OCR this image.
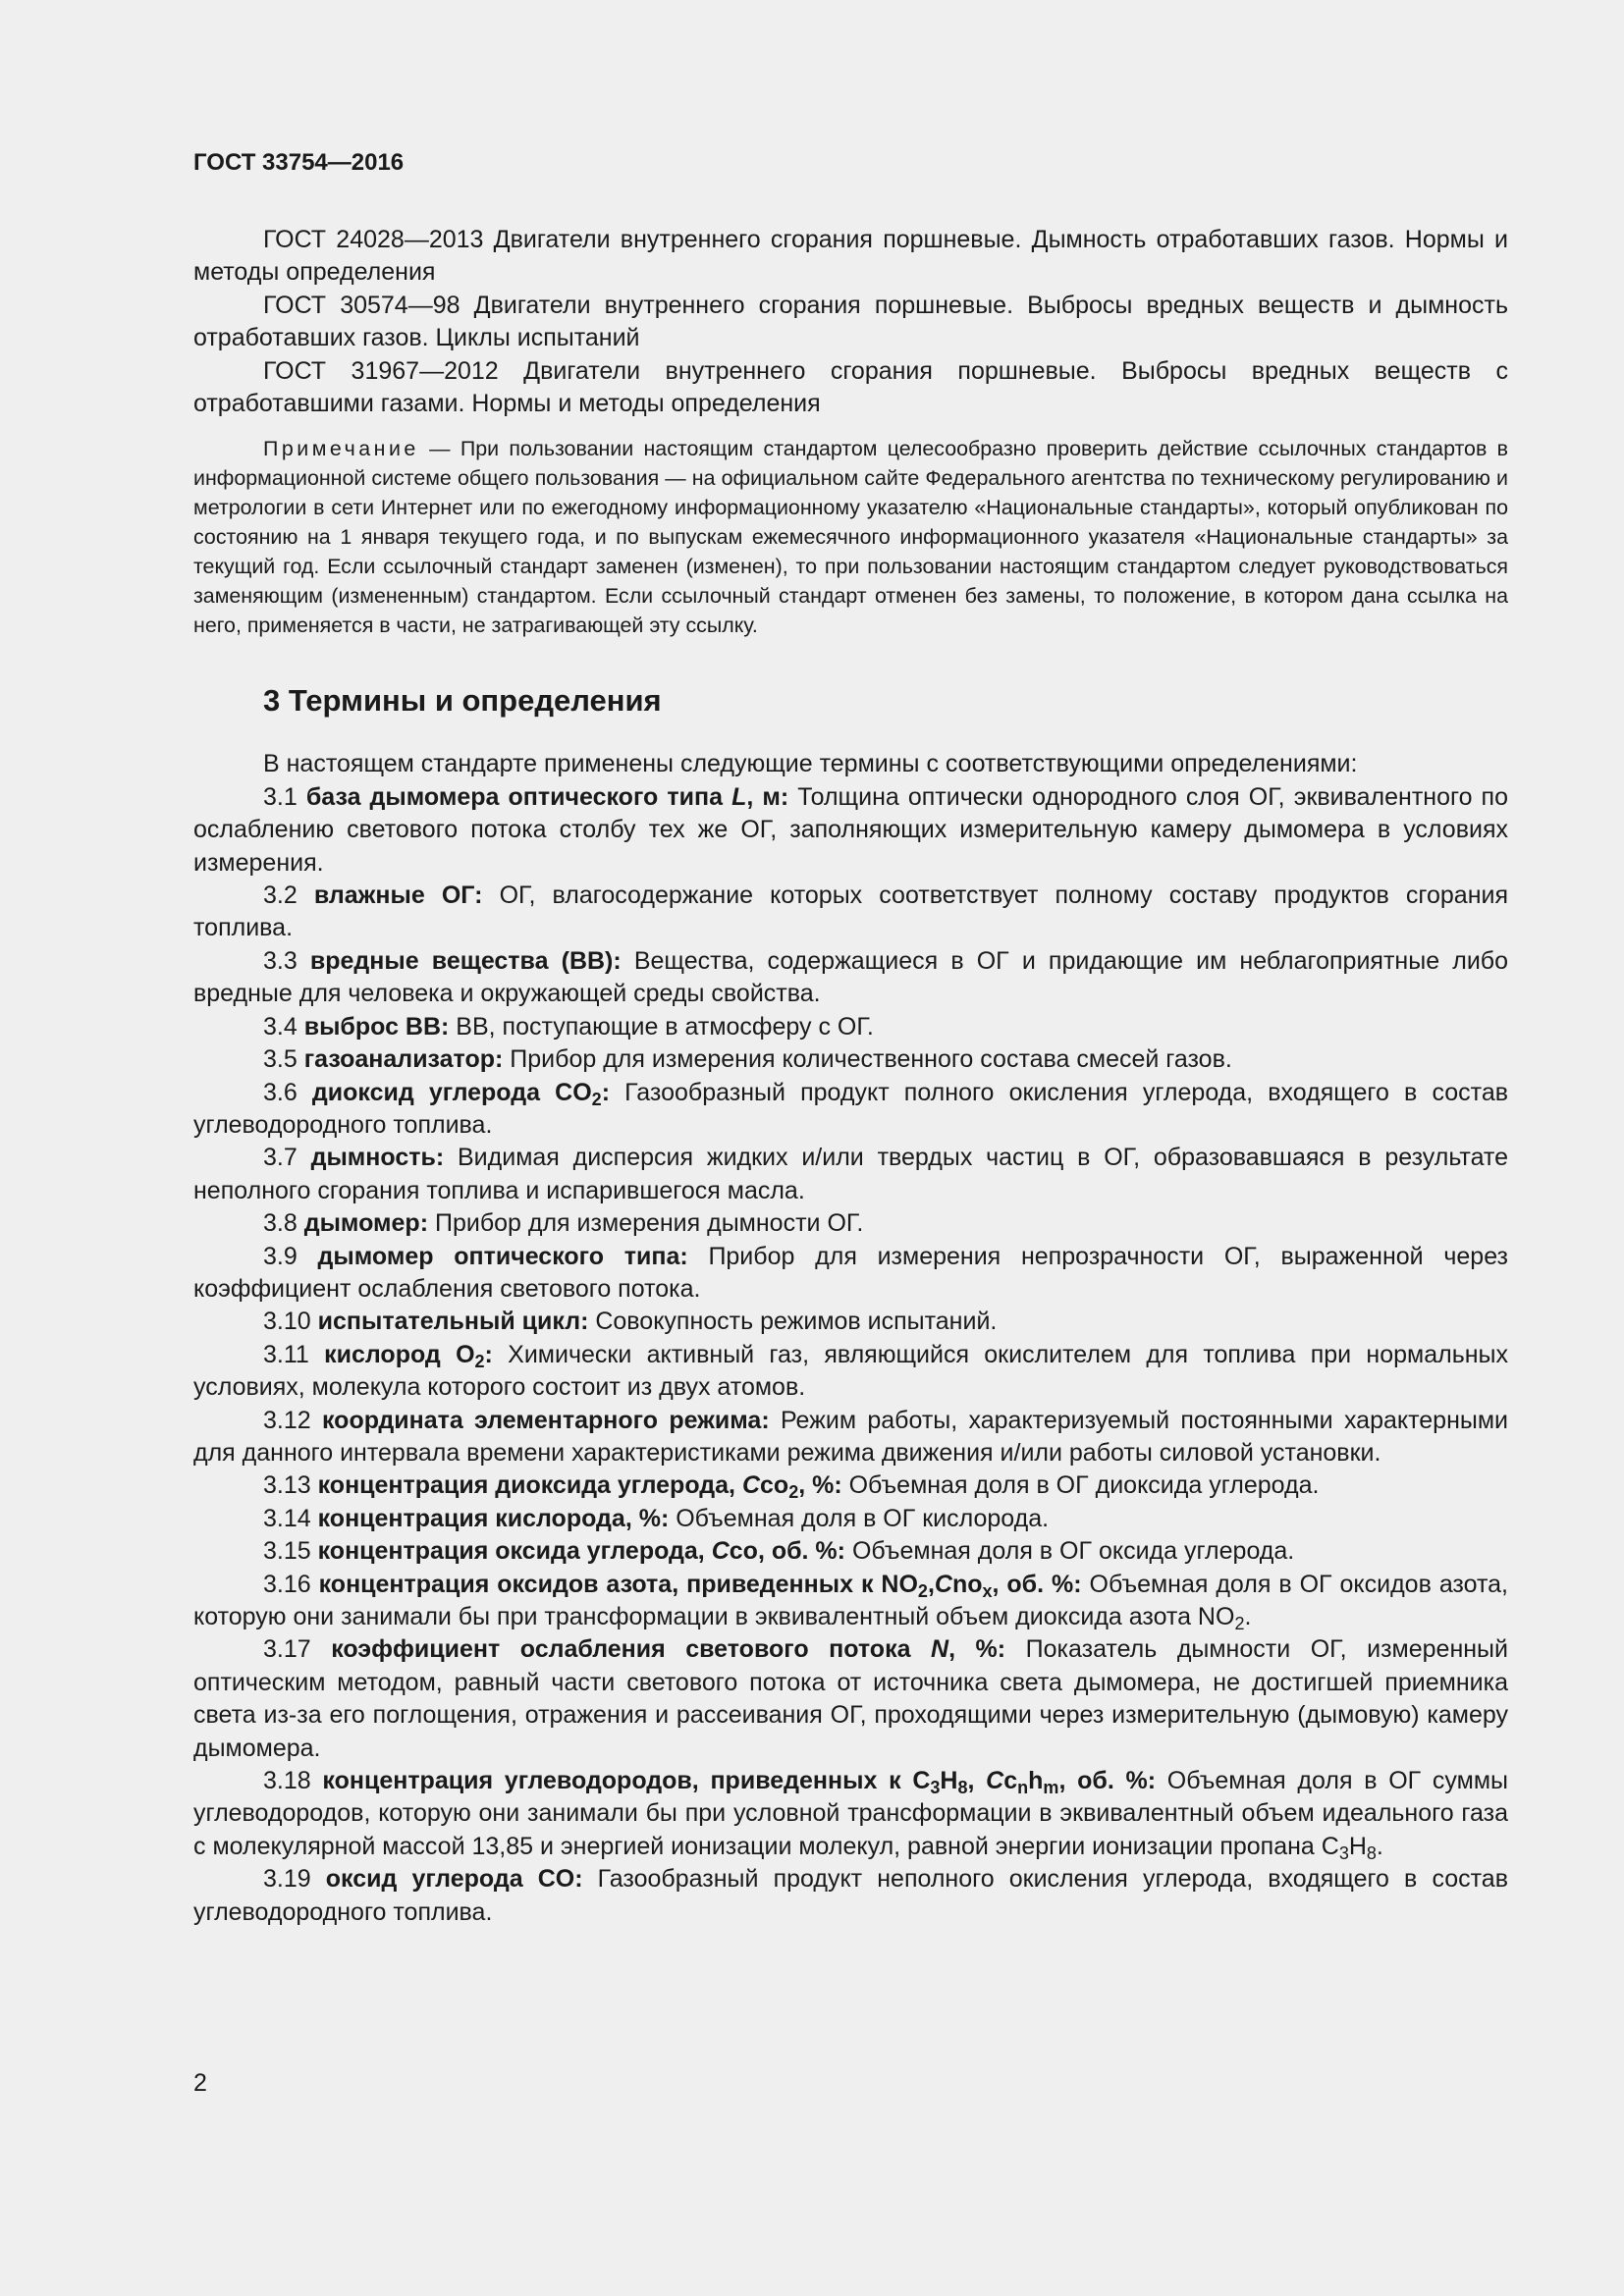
ГОСТ 33754—2016

ГОСТ 24028—2013 Двигатели внутреннего сгорания поршневые. Дымность отработавших газов. Нормы и методы определения

ГОСТ 30574—98 Двигатели внутреннего сгорания поршневые. Выбросы вредных веществ и дымность отработавших газов. Циклы испытаний

ГОСТ 31967—2012 Двигатели внутреннего сгорания поршневые. Выбросы вредных веществ с отработавшими газами. Нормы и методы определения

Примечание — При пользовании настоящим стандартом целесообразно проверить действие ссылочных стандартов в информационной системе общего пользования — на официальном сайте Федерального агентства по техническому регулированию и метрологии в сети Интернет или по ежегодному информационному указателю «Национальные стандарты», который опубликован по состоянию на 1 января текущего года, и по выпускам ежемесячного информационного указателя «Национальные стандарты» за текущий год. Если ссылочный стандарт заменен (изменен), то при пользовании настоящим стандартом следует руководствоваться заменяющим (измененным) стандартом. Если ссылочный стандарт отменен без замены, то положение, в котором дана ссылка на него, применяется в части, не затрагивающей эту ссылку.

3 Термины и определения

В настоящем стандарте применены следующие термины с соответствующими определениями:

3.1 база дымомера оптического типа L, м: Толщина оптически однородного слоя ОГ, эквивалентного по ослаблению светового потока столбу тех же ОГ, заполняющих измерительную камеру дымомера в условиях измерения.

3.2 влажные ОГ: ОГ, влагосодержание которых соответствует полному составу продуктов сгорания топлива.

3.3 вредные вещества (ВВ): Вещества, содержащиеся в ОГ и придающие им неблагоприятные либо вредные для человека и окружающей среды свойства.

3.4 выброс ВВ: ВВ, поступающие в атмосферу с ОГ.

3.5 газоанализатор: Прибор для измерения количественного состава смесей газов.

3.6 диоксид углерода $CO_2$: Газообразный продукт полного окисления углерода, входящего в состав углеводородного топлива.

3.7 дымность: Видимая дисперсия жидких и/или твердых частиц в ОГ, образовавшаяся в результате неполного сгорания топлива и испарившегося масла.

3.8 дымомер: Прибор для измерения дымности ОГ.

3.9 дымомер оптического типа: Прибор для измерения непрозрачности ОГ, выраженной через коэффициент ослабления светового потока.

3.10 испытательный цикл: Совокупность режимов испытаний.

3.11 кислород $O_2$: Химически активный газ, являющийся окислителем для топлива при нормальных условиях, молекула которого состоит из двух атомов.

3.12 координата элементарного режима: Режим работы, характеризуемый постоянными характерными для данного интервала времени характеристиками режима движения и/или работы силовой установки.

3.13 концентрация диоксида углерода, Cco$_2$, %: Объемная доля в ОГ диоксида углерода.

3.14 концентрация кислорода, %: Объемная доля в ОГ кислорода.

3.15 концентрация оксида углерода, Cco, об. %: Объемная доля в ОГ оксида углерода.

3.16 концентрация оксидов азота, приведенных к $NO_2,Cno_x$, об. %: Объемная доля в ОГ оксидов азота, которую они занимали бы при трансформации в эквивалентный объем диоксида азота $NO_2$.

3.17 коэффициент ослабления светового потока N, %: Показатель дымности ОГ, измеренный оптическим методом, равный части светового потока от источника света дымомера, не достигшей приемника света из-за его поглощения, отражения и рассеивания ОГ, проходящими через измерительную (дымовую) камеру дымомера.

3.18 концентрация углеводородов, приведенных к $C_3H_8$, $Cc_nh_m$, об. %: Объемная доля в ОГ суммы углеводородов, которую они занимали бы при условной трансформации в эквивалентный объем идеального газа с молекулярной массой 13,85 и энергией ионизации молекул, равной энергии ионизации пропана $C_3H_8$.

3.19 оксид углерода CO: Газообразный продукт неполного окисления углерода, входящего в состав углеводородного топлива.

2
